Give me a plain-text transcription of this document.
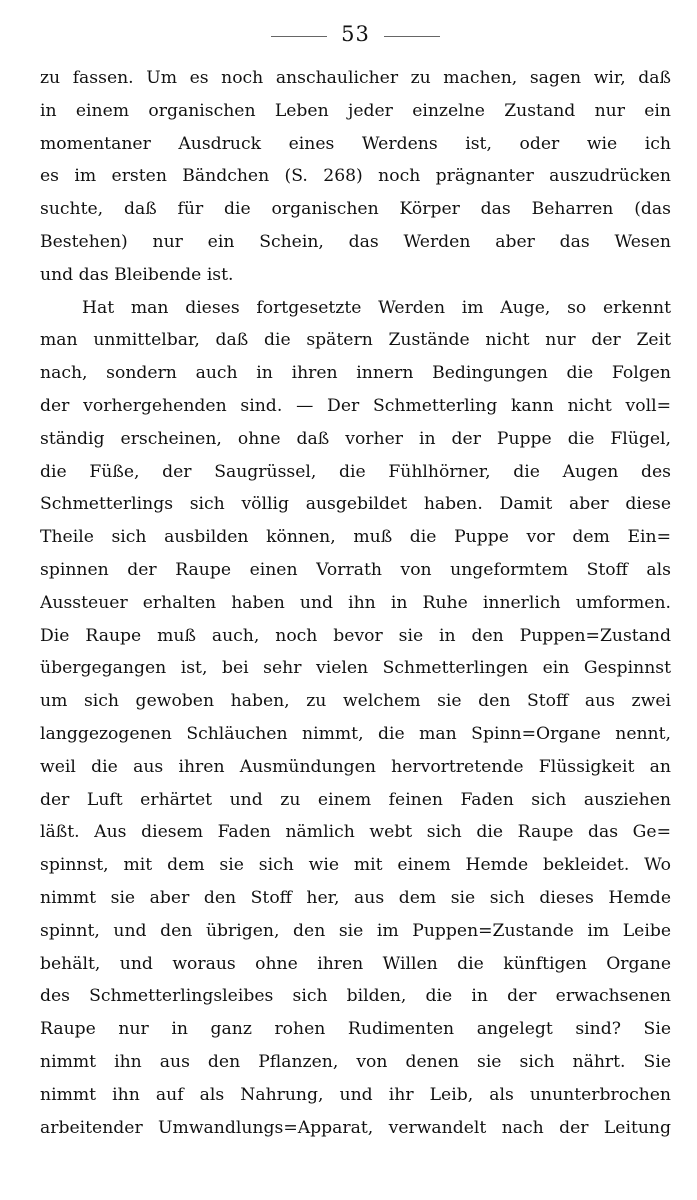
53
zu fassen. Um es noch anschaulicher zu machen, sagen wir, daß
in einem organischen Leben jeder einzelne Zustand nur ein
momentaner Ausdruck eines Werdens ist, oder wie ich
es im ersten Bändchen (S. 268) noch prägnanter auszudrücken
suchte, daß für die organischen Körper das Beharren (das
Bestehen) nur ein Schein, das Werden aber das Wesen
und das Bleibende ist.
Hat man dieses fortgesetzte Werden im Auge, so erkennt
man unmittelbar, daß die spätern Zustände nicht nur der Zeit
nach, sondern auch in ihren innern Bedingungen die Folgen
der vorhergehenden sind. — Der Schmetterling kann nicht voll=
ständig erscheinen, ohne daß vorher in der Puppe die Flügel,
die Füße, der Saugrüssel, die Fühlhörner, die Augen des
Schmetterlings sich völlig ausgebildet haben. Damit aber diese
Theile sich ausbilden können, muß die Puppe vor dem Ein=
spinnen der Raupe einen Vorrath von ungeformtem Stoff als
Aussteuer erhalten haben und ihn in Ruhe innerlich umformen.
Die Raupe muß auch, noch bevor sie in den Puppen=Zustand
übergegangen ist, bei sehr vielen Schmetterlingen ein Gespinnst
um sich gewoben haben, zu welchem sie den Stoff aus zwei
langgezogenen Schläuchen nimmt, die man Spinn=Organe nennt,
weil die aus ihren Ausmündungen hervortretende Flüssigkeit an
der Luft erhärtet und zu einem feinen Faden sich ausziehen
läßt. Aus diesem Faden nämlich webt sich die Raupe das Ge=
spinnst, mit dem sie sich wie mit einem Hemde bekleidet. Wo
nimmt sie aber den Stoff her, aus dem sie sich dieses Hemde
spinnt, und den übrigen, den sie im Puppen=Zustande im Leibe
behält, und woraus ohne ihren Willen die künftigen Organe
des Schmetterlingsleibes sich bilden, die in der erwachsenen
Raupe nur in ganz rohen Rudimenten angelegt sind? Sie
nimmt ihn aus den Pflanzen, von denen sie sich nährt. Sie
nimmt ihn auf als Nahrung, und ihr Leib, als ununterbrochen
arbeitender Umwandlungs=Apparat, verwandelt nach der Leitung
